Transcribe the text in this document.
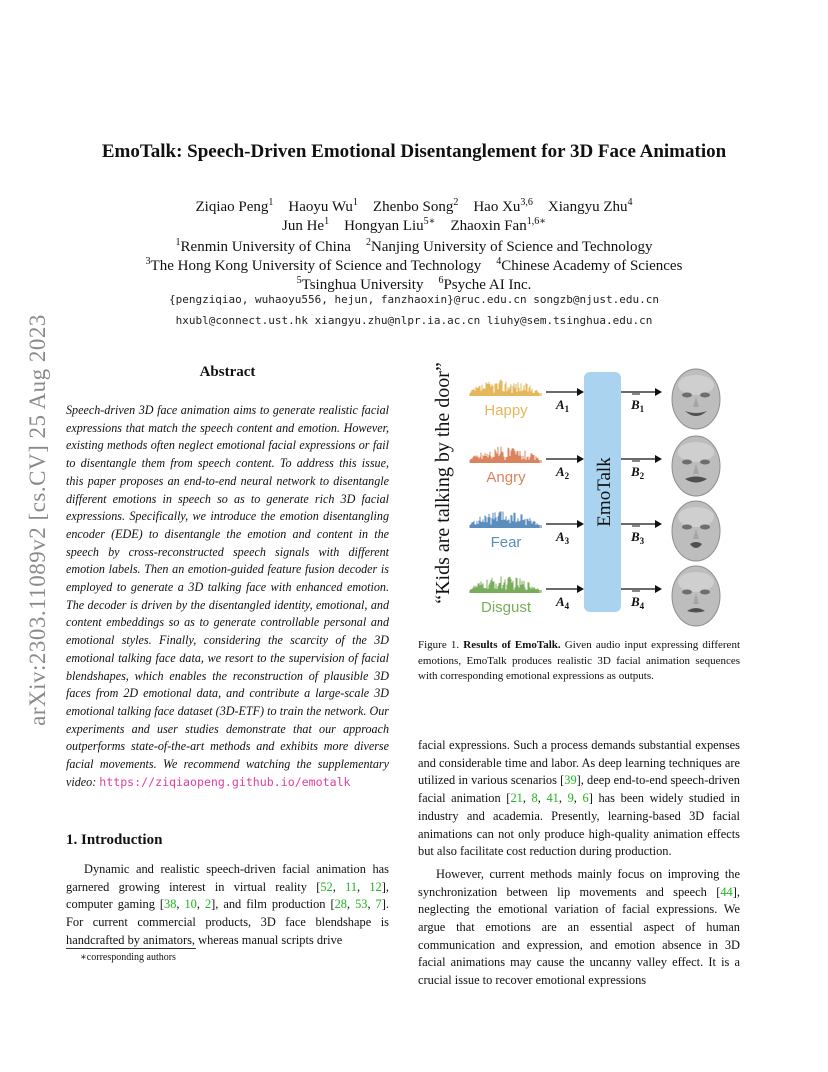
arXiv:2303.11089v2 [cs.CV] 25 Aug 2023
EmoTalk: Speech-Driven Emotional Disentanglement for 3D Face Animation
Ziqiao Peng$^1$  Haoyu Wu$^1$  Zhenbo Song$^2$  Hao Xu$^{3,6}$  Xiangyu Zhu$^4$
Jun He$^1$  Hongyan Liu$^{5∗}$  Zhaoxin Fan$^{1,6∗}$
$^1$Renmin University of China  $^2$Nanjing University of Science and Technology
$^3$The Hong Kong University of Science and Technology  $^4$Chinese Academy of Sciences
$^5$Tsinghua University  $^6$Psyche AI Inc.
{pengziqiao, wuhaoyu556, hejun, fanzhaoxin}@ruc.edu.cn songzb@njust.edu.cn
hxubl@connect.ust.hk xiangyu.zhu@nlpr.ia.ac.cn liuhy@sem.tsinghua.edu.cn
Abstract
Speech-driven 3D face animation aims to generate realistic facial expressions that match the speech content and emotion. However, existing methods often neglect emotional facial expressions or fail to disentangle them from speech content. To address this issue, this paper proposes an end-to-end neural network to disentangle different emotions in speech so as to generate rich 3D facial expressions. Specifically, we introduce the emotion disentangling encoder (EDE) to disentangle the emotion and content in the speech by cross-reconstructed speech signals with different emotion labels. Then an emotion-guided feature fusion decoder is employed to generate a 3D talking face with enhanced emotion. The decoder is driven by the disentangled identity, emotional, and content embeddings so as to generate controllable personal and emotional styles. Finally, considering the scarcity of the 3D emotional talking face data, we resort to the supervision of facial blendshapes, which enables the reconstruction of plausible 3D faces from 2D emotional data, and contribute a large-scale 3D emotional talking face dataset (3D-ETF) to train the network. Our experiments and user studies demonstrate that our approach outperforms state-of-the-art methods and exhibits more diverse facial movements. We recommend watching the supplementary video: https://ziqiaopeng.github.io/emotalk
1. Introduction

Dynamic and realistic speech-driven facial animation has garnered growing interest in virtual reality [52, 11, 12], computer gaming [38, 10, 2], and film production [28, 53, 7]. For current commercial products, 3D face blendshape is handcrafted by animators, whereas manual scripts drive

∗corresponding authors
“Kids are talking by the door”	EmoTalk
Happy $A_1$	$B_1$
Angry $A_2$	$B_2$
Fear	$A_3$	$B_3$
Disgust $A_4$	$B_4$
Figure 1. Results of EmoTalk. Given audio input expressing different emotions, EmoTalk produces realistic 3D facial animation sequences with corresponding emotional expressions as outputs.

facial expressions. Such a process demands substantial expenses and considerable time and labor. As deep learning techniques are utilized in various scenarios [39], deep end-to-end speech-driven facial animation [21, 8, 41, 9, 6] has been widely studied in industry and academia. Presently, learning-based 3D facial animations can not only produce high-quality animation effects but also facilitate cost reduction during production.

However, current methods mainly focus on improving the synchronization between lip movements and speech [44], neglecting the emotional variation of facial expressions. We argue that emotions are an essential aspect of human communication and expression, and emotion absence in 3D facial animations may cause the uncanny valley effect. It is a crucial issue to recover emotional expressions
